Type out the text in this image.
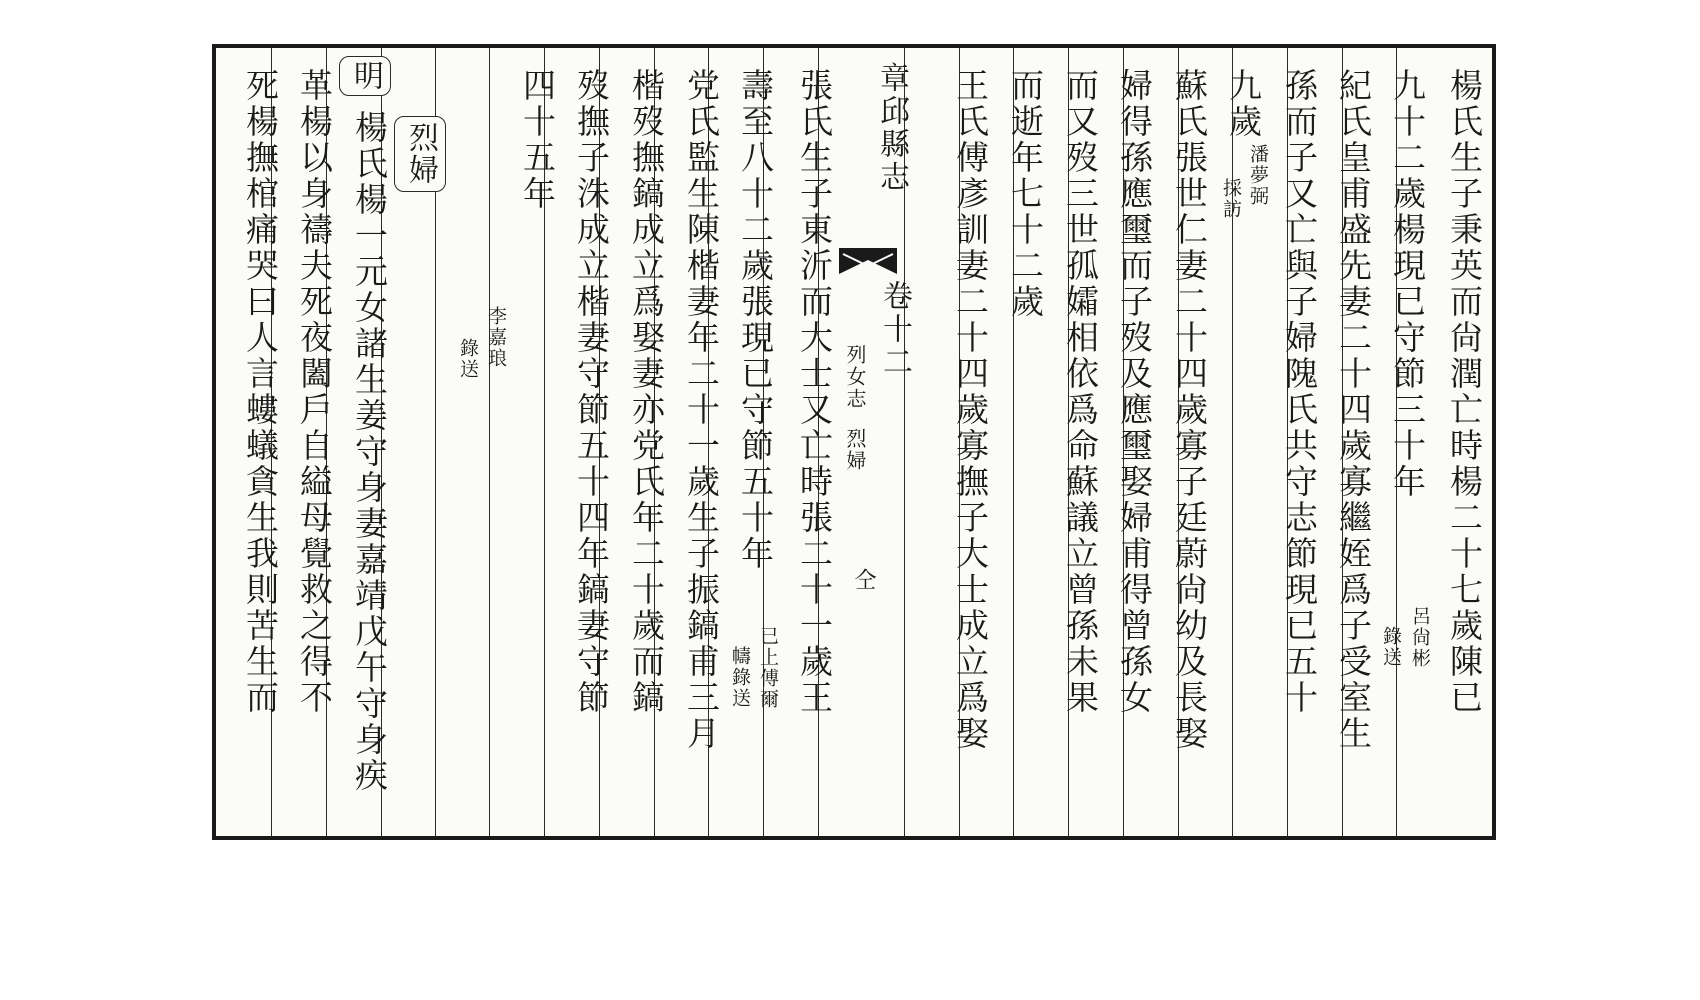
楊氏生子秉英而尙潤亡時楊二十七歲陳已
九十二歲楊現已守節三十年
呂尙彬
錄送
紀氏皇甫盛先妻二十四歲寡繼姪爲子受室生
孫而子又亡與子婦隗氏共守志節現已五十
九歲
潘夢弼
採訪
蘇氏張世仁妻二十四歲寡子廷蔚尙幼及長娶
婦得孫應璽而子歿及應璽娶婦甫得曾孫女
而又歿三世孤孀相依爲命蘇議立曾孫未果
而逝年七十二歲
王氏傅彥訓妻二十四歲寡撫子大士成立爲娶
章邱縣志
卷十二
列女志
烈婦
仝
張氏生子東沂而大士又亡時張二十一歲王
壽至八十二歲張現已守節五十年
已上傅爾
幬錄送
党氏監生陳楷妻年二十一歲生子振鎬甫三月
楷歿撫鎬成立爲娶妻亦党氏年二十歲而鎬
歿撫子洙成立楷妻守節五十四年鎬妻守節
四十五年
李嘉琅
錄送
烈婦
明
楊氏楊一元女諸生姜守身妻嘉靖戊午守身疾
革楊以身禱夫死夜闔戶自縊母覺救之得不
死楊撫棺痛哭曰人言螻蟻貪生我則苦生而
